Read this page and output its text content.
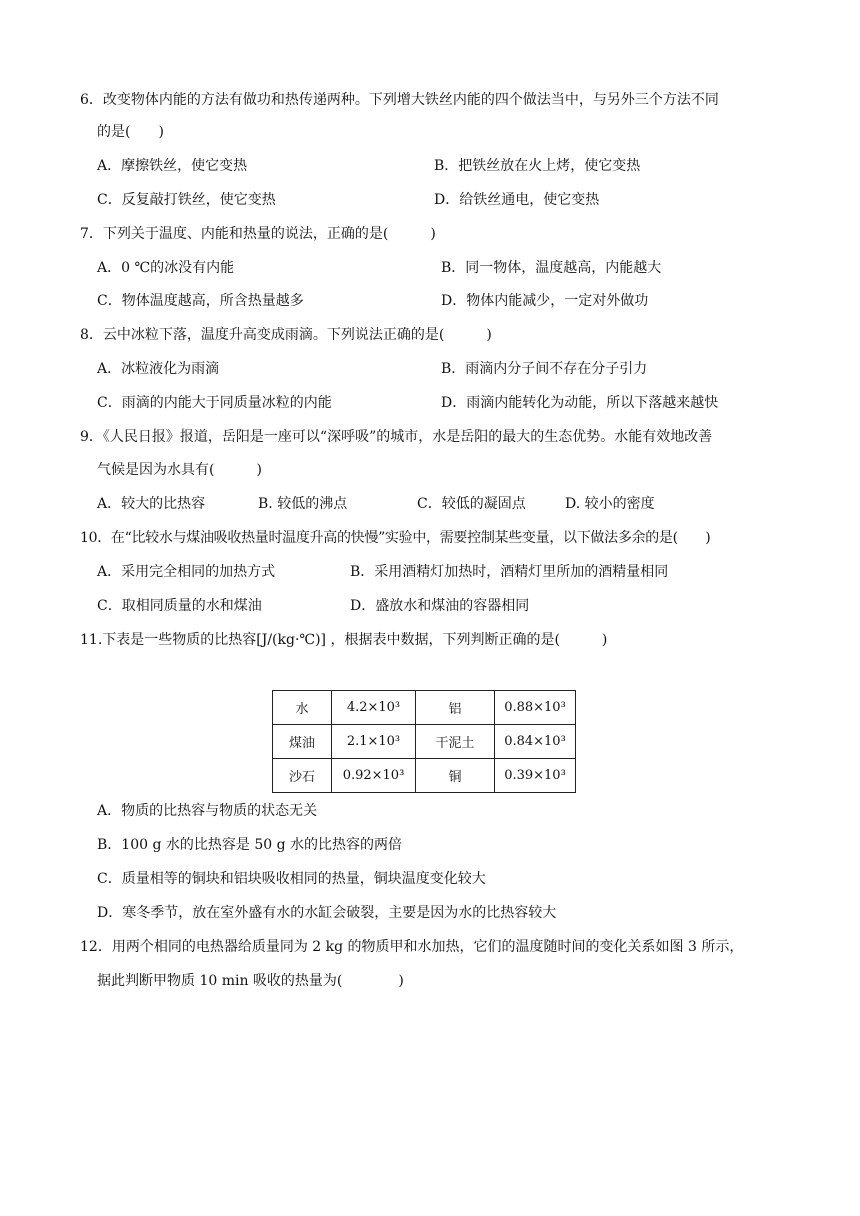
6．改变物体内能的方法有做功和热传递两种。下列增大铁丝内能的四个做法当中，与另外三个方法不同
的是(　　)
A．摩擦铁丝，使它变热	B．把铁丝放在火上烤，使它变热
C．反复敲打铁丝，使它变热	D．给铁丝通电，使它变热
7．下列关于温度、内能和热量的说法，正确的是(　　　)
A．0 ℃的冰没有内能	B．同一物体，温度越高，内能越大
C．物体温度越高，所含热量越多	D．物体内能减少，一定对外做功
8．云中冰粒下落，温度升高变成雨滴。下列说法正确的是(　　　)
A．冰粒液化为雨滴	B．雨滴内分子间不存在分子引力
C．雨滴的内能大于同质量冰粒的内能	D．雨滴内能转化为动能，所以下落越来越快
9．《人民日报》报道，岳阳是一座可以“深呼吸”的城市，水是岳阳的最大的生态优势。水能有效地改善
气候是因为水具有(　　　)
A．较大的比热容	B. 较低的沸点	C．较低的凝固点	D. 较小的密度
10．在“比较水与煤油吸收热量时温度升高的快慢”实验中，需要控制某些变量，以下做法多余的是(　　)
A．采用完全相同的加热方式	B．采用酒精灯加热时，酒精灯里所加的酒精量相同
C．取相同质量的水和煤油	D．盛放水和煤油的容器相同
11.下表是一些物质的比热容[J/(kg·℃)] ，根据表中数据，下列判断正确的是(　　　)
水	4.2×10³	铝	0.88×10³
煤油	2.1×10³	干泥土	0.84×10³
沙石	0.92×10³	铜	0.39×10³
A．物质的比热容与物质的状态无关
B．100 g 水的比热容是 50 g 水的比热容的两倍
C．质量相等的铜块和铝块吸收相同的热量，铜块温度变化较大
D．寒冬季节，放在室外盛有水的水缸会破裂，主要是因为水的比热容较大
12．用两个相同的电热器给质量同为 2 kg 的物质甲和水加热，它们的温度随时间的变化关系如图 3 所示，
据此判断甲物质 10 min 吸收的热量为(　　　　)
